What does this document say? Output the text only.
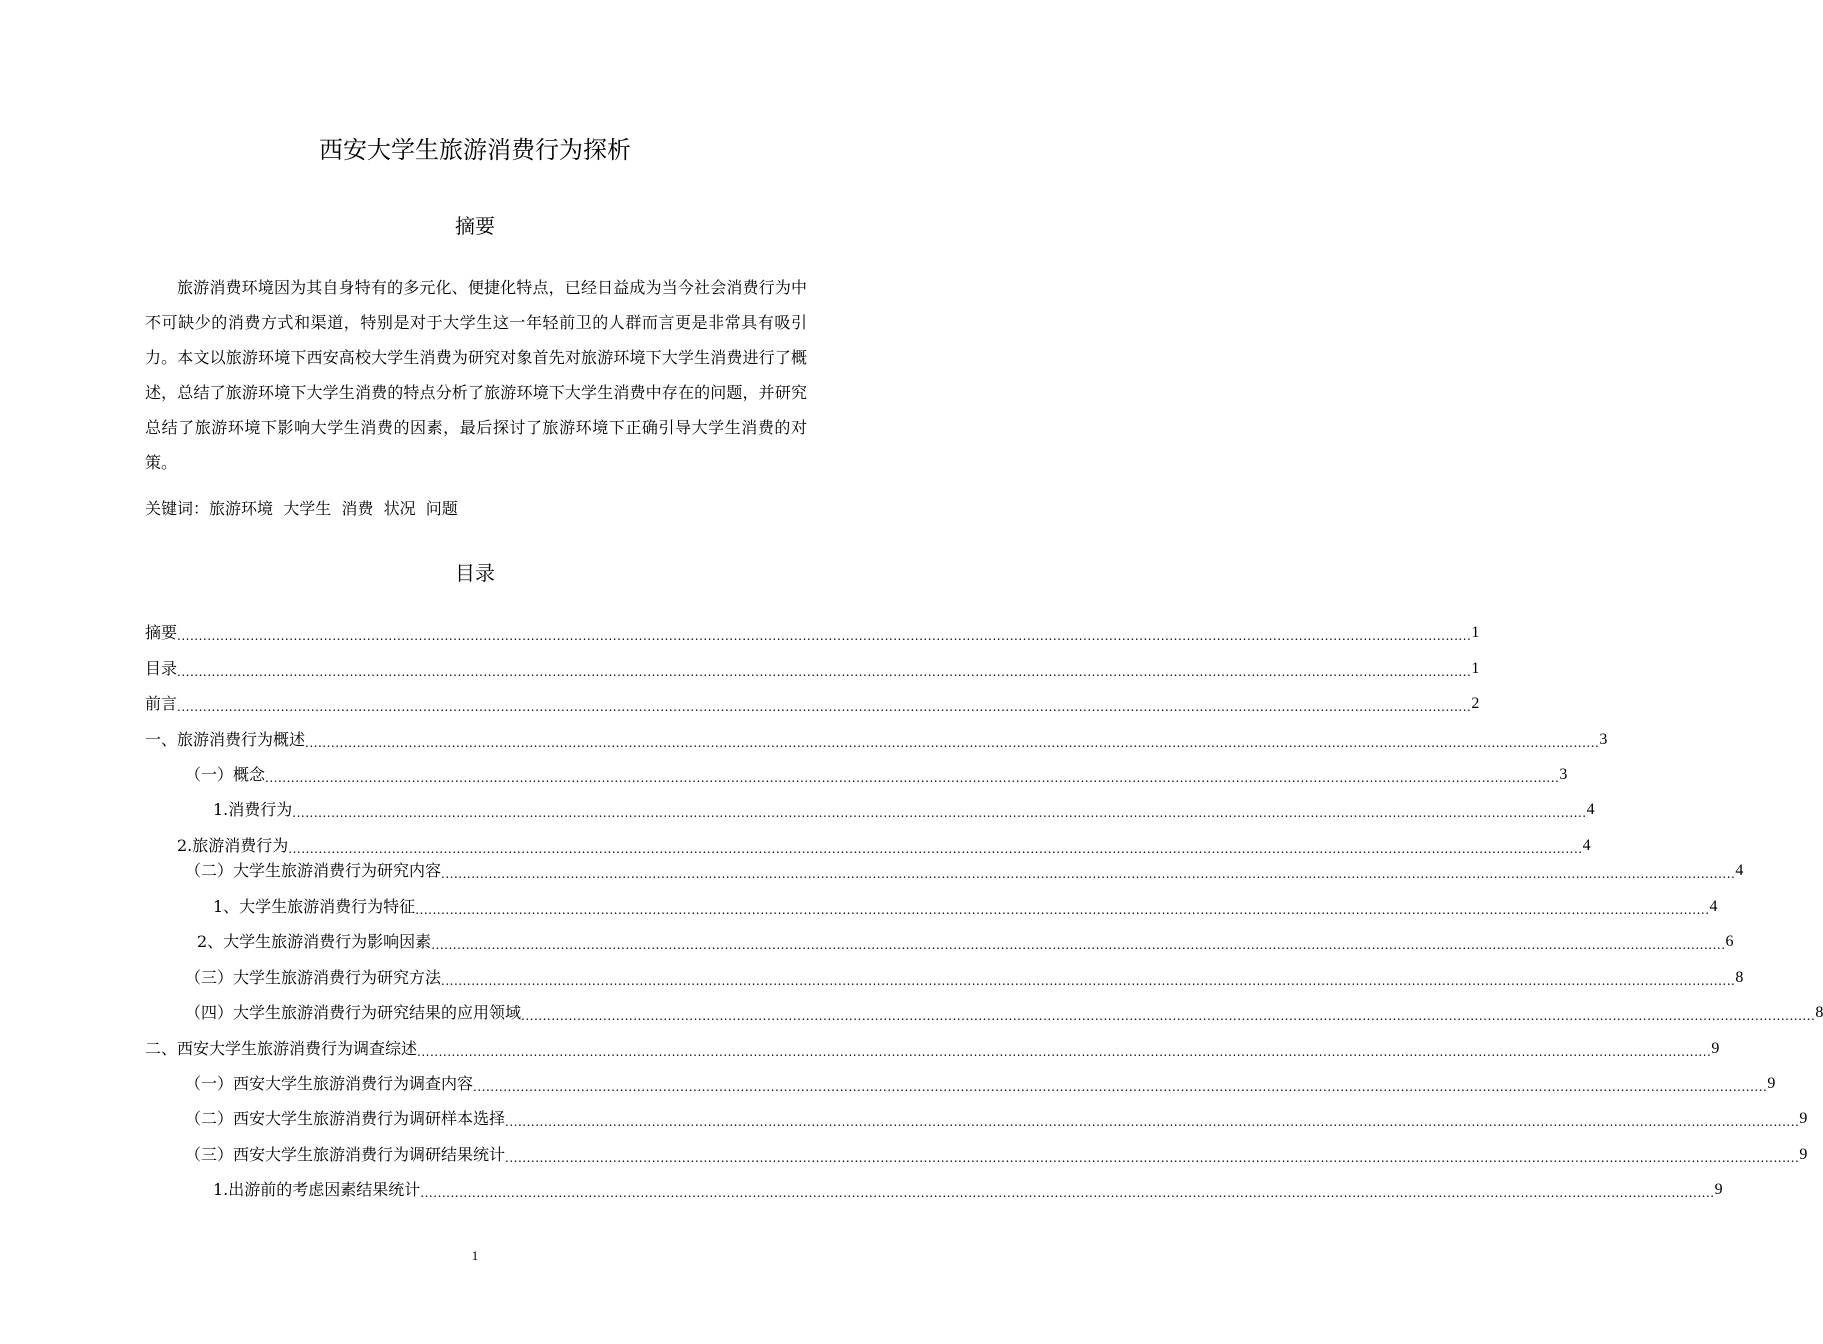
西安大学生旅游消费行为探析
摘要
旅游消费环境因为其自身特有的多元化、便捷化特点，已经日益成为当今社会消费行为中不可缺少的消费方式和渠道，特别是对于大学生这一年轻前卫的人群而言更是非常具有吸引力。本文以旅游环境下西安高校大学生消费为研究对象首先对旅游环境下大学生消费进行了概述，总结了旅游环境下大学生消费的特点分析了旅游环境下大学生消费中存在的问题，并研究总结了旅游环境下影响大学生消费的因素，最后探讨了旅游环境下正确引导大学生消费的对策。
关键词：旅游环境 大学生 消费 状况 问题
目录
摘要 ............................................................................................................................................................................................................................................................................................................ 1
目录 ............................................................................................................................................................................................................................................................................................................ 1
前言 ............................................................................................................................................................................................................................................................................................................ 2
一、旅游消费行为概述 ............................................................................................................................................................................................................................................................................................................ 3
（一）概念 ............................................................................................................................................................................................................................................................................................................ 3
1.消费行为 ............................................................................................................................................................................................................................................................................................................ 4
2.旅游消费行为 ............................................................................................................................................................................................................................................................................................................ 4
（二）大学生旅游消费行为研究内容 ............................................................................................................................................................................................................................................................................................................ 4
1、大学生旅游消费行为特征 ............................................................................................................................................................................................................................................................................................................ 4
2、大学生旅游消费行为影响因素 ............................................................................................................................................................................................................................................................................................................ 6
（三）大学生旅游消费行为研究方法 ............................................................................................................................................................................................................................................................................................................ 8
（四）大学生旅游消费行为研究结果的应用领域 ............................................................................................................................................................................................................................................................................................................ 8
二、西安大学生旅游消费行为调查综述 ............................................................................................................................................................................................................................................................................................................ 9
（一）西安大学生旅游消费行为调查内容 ............................................................................................................................................................................................................................................................................................................ 9
（二）西安大学生旅游消费行为调研样本选择 ............................................................................................................................................................................................................................................................................................................ 9
（三）西安大学生旅游消费行为调研结果统计 ............................................................................................................................................................................................................................................................................................................ 9
1.出游前的考虑因素结果统计 ............................................................................................................................................................................................................................................................................................................ 9
1
